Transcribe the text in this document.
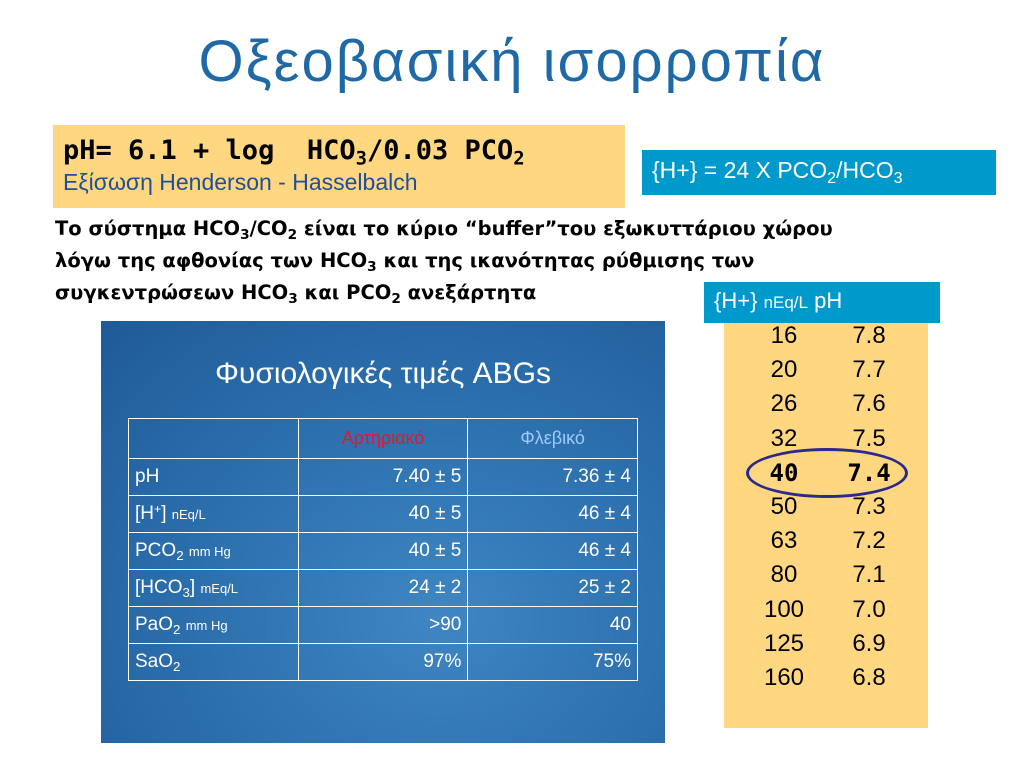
Οξεοβασική ισορροπία
$pH= 6.1 + \log HCO_3/0.03$ $PCO_2$
Εξίσωση Henderson - Hasselbalch	{H+} = 24 X $PCO_2/HCO_3$
Το σύστημα $HCO_3/CO_2$ είναι το κύριο “buffer”του εξωκυττάριου χώρου
λόγω της αφθονίας των $HCO_3$ και της ικανότητας ρύθμισης των
συγκεντρώσεων $HCO_3$ και $PCO_2$ ανεξάρτητα	{H+} nEq/L pH
16	7.8
20	7.7
26	7.6
32	7.5
40	7.4
50	7.3
63	7.2
80	7.1
100	7.0
125	6.9
160	6.8
Φυσιολογικές τιμές ABGs
	Αρτηριακό	Φλεβικό
pH	7.40 ± 5	7.36 ± 4
[H+] nEq/L	40 ± 5	46 ± 4
$PCO_2$ mm Hg	40 ± 5	46 ± 4
$[HCO_3]$ mEq/L	24 ± 2	25 ± 2
PaO$_2$ mm Hg	>90	40
SaO$_2$	97%	75%
